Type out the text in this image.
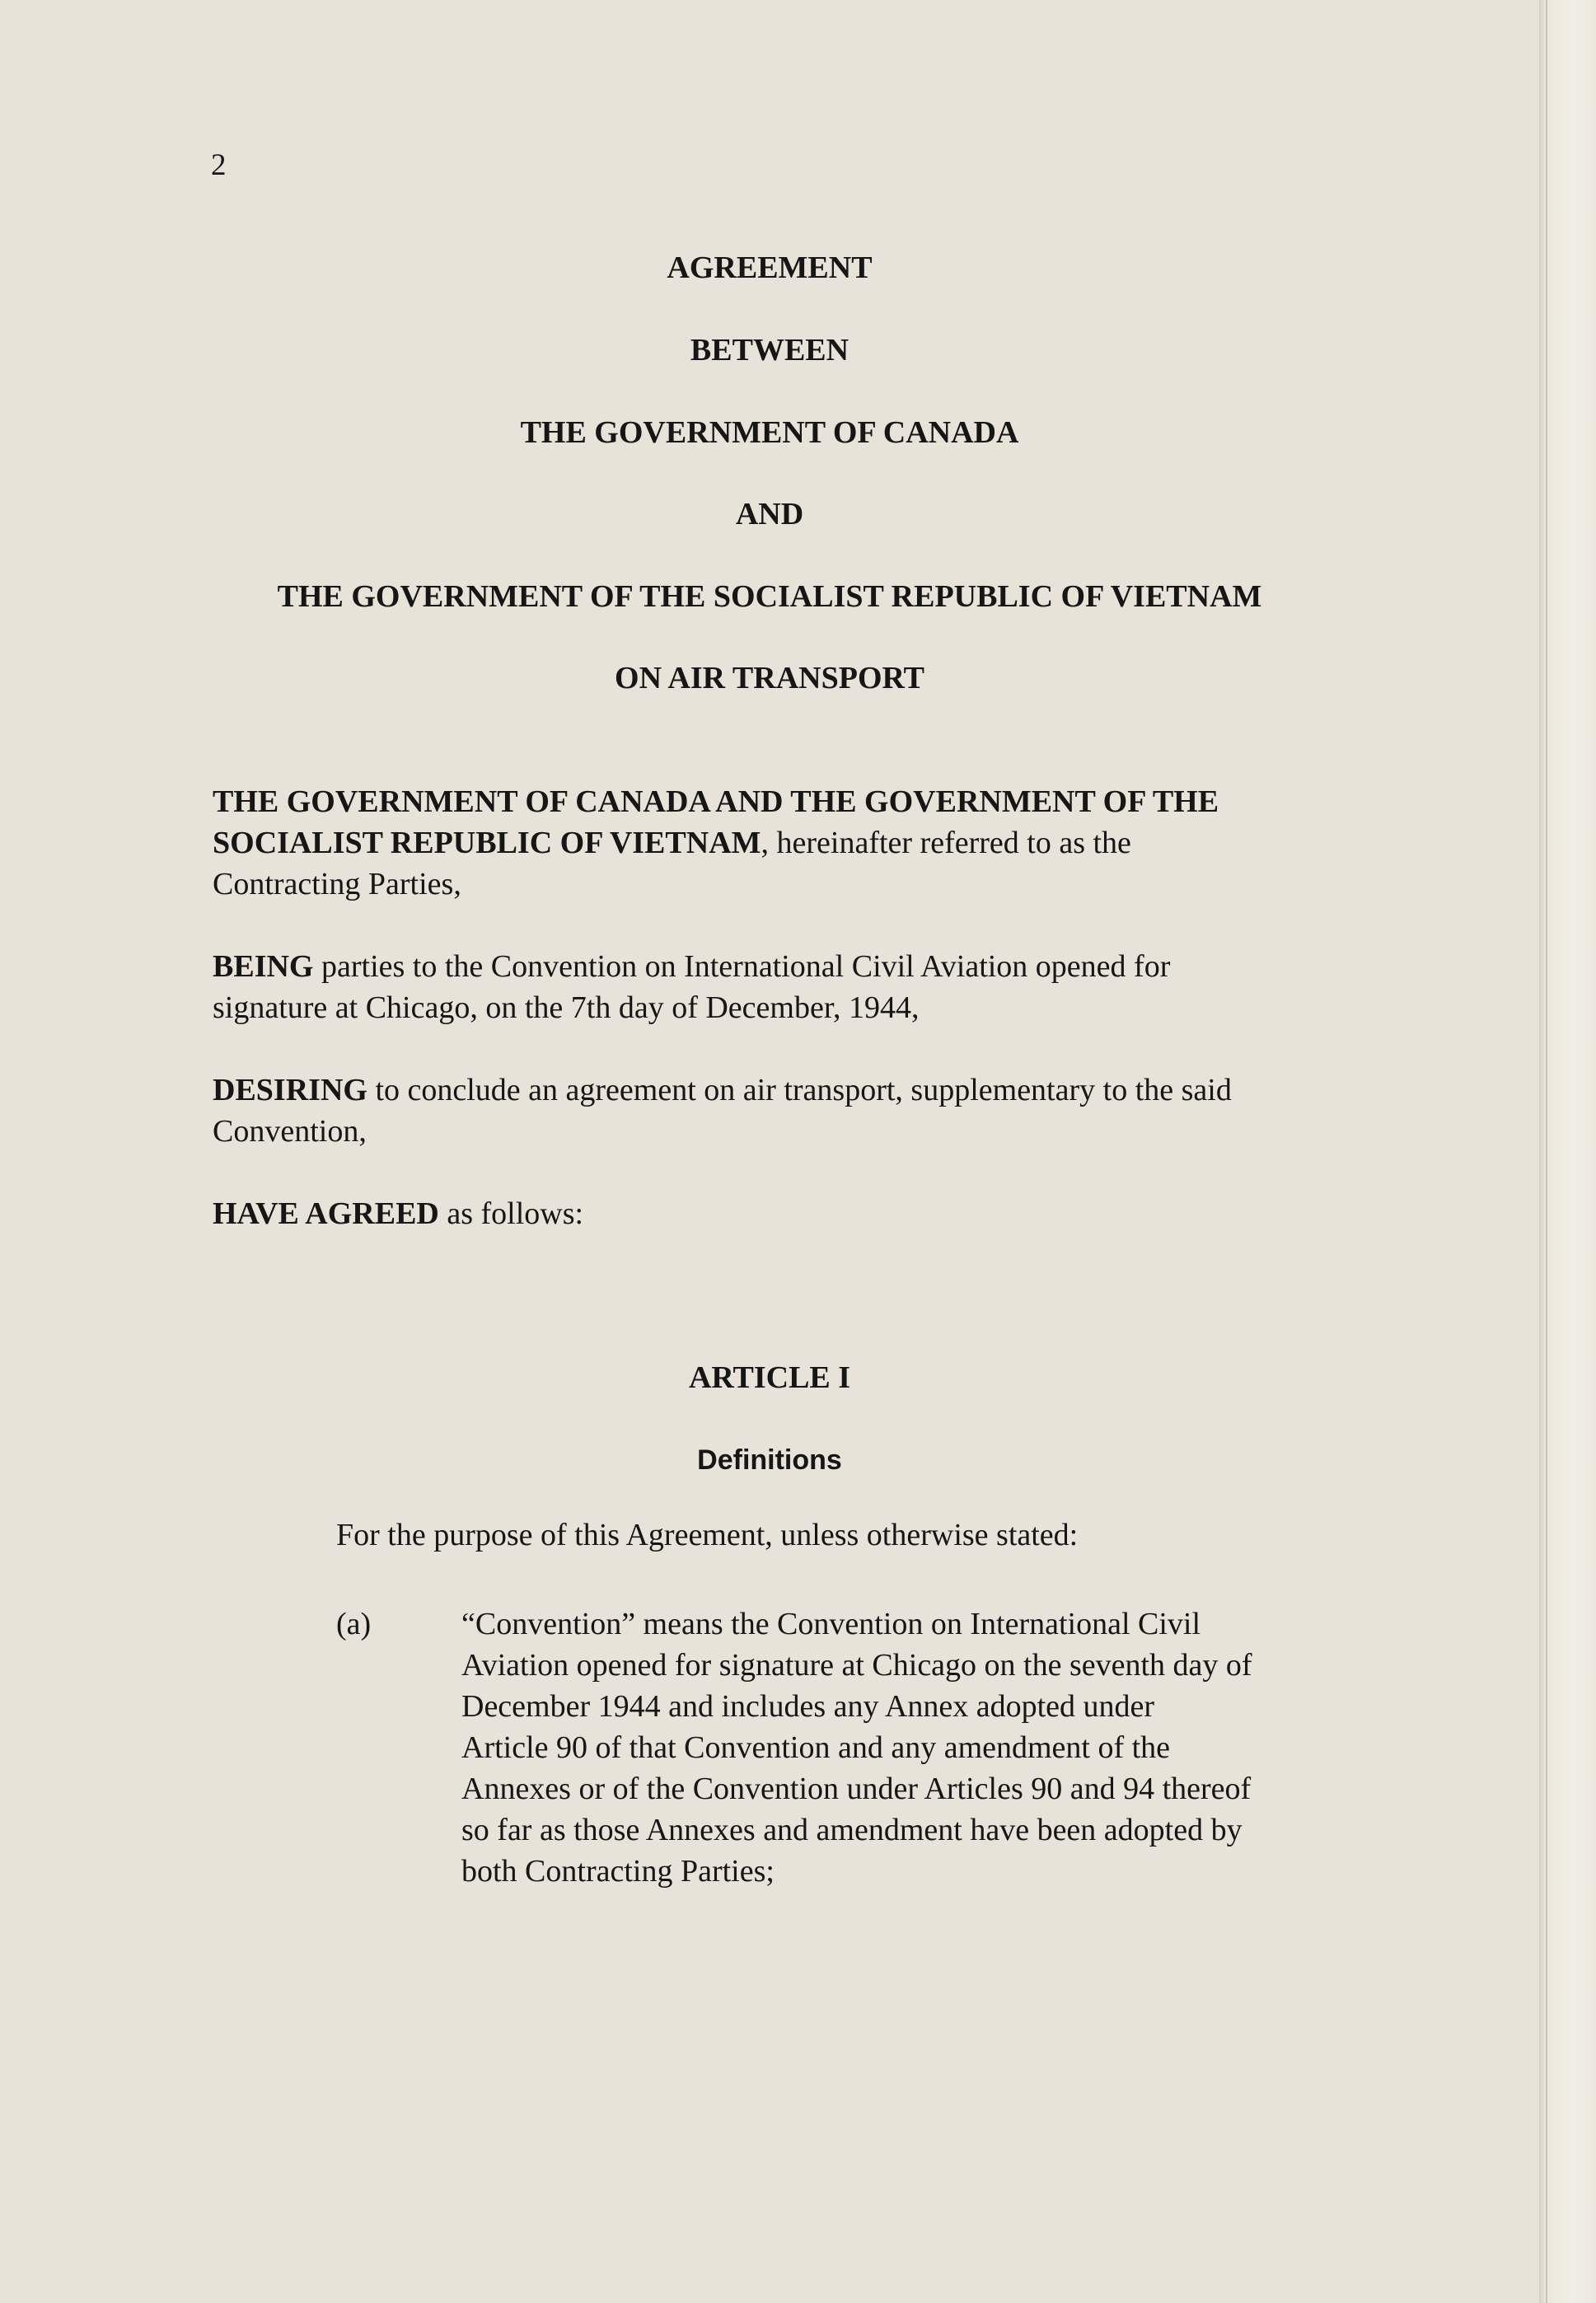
2
AGREEMENT
BETWEEN
THE GOVERNMENT OF CANADA
AND
THE GOVERNMENT OF THE SOCIALIST REPUBLIC OF VIETNAM
ON AIR TRANSPORT
THE GOVERNMENT OF CANADA AND THE GOVERNMENT OF THE
SOCIALIST REPUBLIC OF VIETNAM, hereinafter referred to as the
Contracting Parties,
BEING parties to the Convention on International Civil Aviation opened for
signature at Chicago, on the 7th day of December, 1944,
DESIRING to conclude an agreement on air transport, supplementary to the said
Convention,
HAVE AGREED as follows:
ARTICLE I
Definitions
For the purpose of this Agreement, unless otherwise stated:
(a)	“Convention” means the Convention on International Civil
Aviation opened for signature at Chicago on the seventh day of
December 1944 and includes any Annex adopted under
Article 90 of that Convention and any amendment of the
Annexes or of the Convention under Articles 90 and 94 thereof
so far as those Annexes and amendment have been adopted by
both Contracting Parties;
